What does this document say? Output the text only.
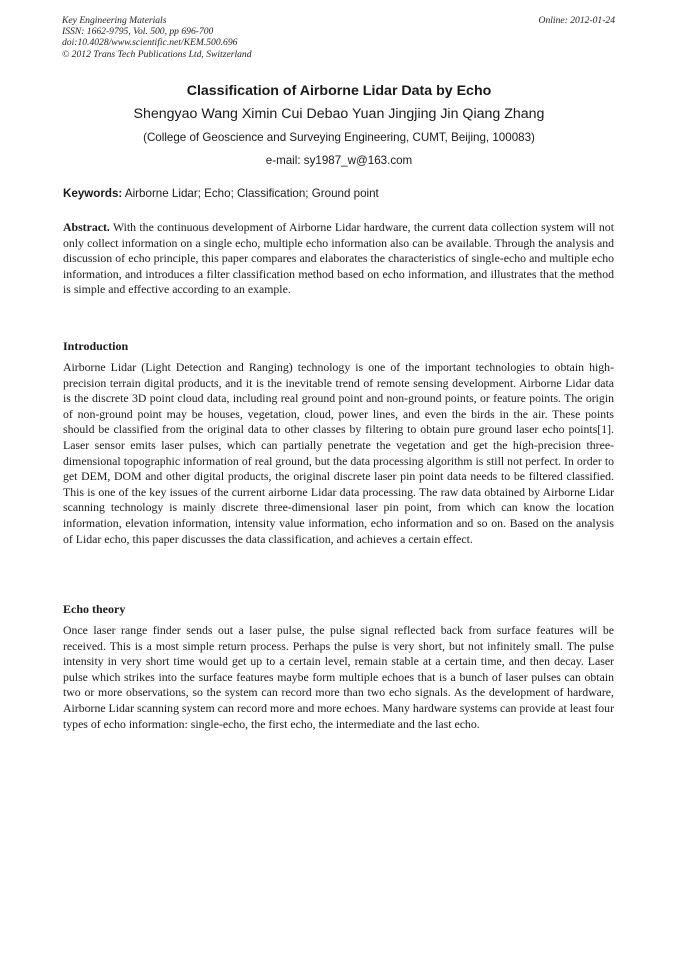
Key Engineering Materials
ISSN: 1662-9795, Vol. 500, pp 696-700
doi:10.4028/www.scientific.net/KEM.500.696
© 2012 Trans Tech Publications Ltd, Switzerland
Online: 2012-01-24
Classification of Airborne Lidar Data by Echo
Shengyao Wang Ximin Cui Debao Yuan Jingjing Jin Qiang Zhang
(College of Geoscience and Surveying Engineering, CUMT, Beijing, 100083)
e-mail: sy1987_w@163.com
Keywords: Airborne Lidar; Echo; Classification; Ground point

Abstract. With the continuous development of Airborne Lidar hardware, the current data collection system will not only collect information on a single echo, multiple echo information also can be available. Through the analysis and discussion of echo principle, this paper compares and elaborates the characteristics of single-echo and multiple echo information, and introduces a filter classification method based on echo information, and illustrates that the method is simple and effective according to an example.

Introduction

Airborne Lidar (Light Detection and Ranging) technology is one of the important technologies to obtain high-precision terrain digital products, and it is the inevitable trend of remote sensing development. Airborne Lidar data is the discrete 3D point cloud data, including real ground point and non-ground points, or feature points. The origin of non-ground point may be houses, vegetation, cloud, power lines, and even the birds in the air. These points should be classified from the original data to other classes by filtering to obtain pure ground laser echo points[1]. Laser sensor emits laser pulses, which can partially penetrate the vegetation and get the high-precision three-dimensional topographic information of real ground, but the data processing algorithm is still not perfect. In order to get DEM, DOM and other digital products, the original discrete laser pin point data needs to be filtered classified. This is one of the key issues of the current airborne Lidar data processing. The raw data obtained by Airborne Lidar scanning technology is mainly discrete three-dimensional laser pin point, from which can know the location information, elevation information, intensity value information, echo information and so on. Based on the analysis of Lidar echo, this paper discusses the data classification, and achieves a certain effect.

Echo theory

Once laser range finder sends out a laser pulse, the pulse signal reflected back from surface features will be received. This is a most simple return process. Perhaps the pulse is very short, but not infinitely small. The pulse intensity in very short time would get up to a certain level, remain stable at a certain time, and then decay. Laser pulse which strikes into the surface features maybe form multiple echoes that is a bunch of laser pulses can obtain two or more observations, so the system can record more than two echo signals. As the development of hardware, Airborne Lidar scanning system can record more and more echoes. Many hardware systems can provide at least four types of echo information: single-echo, the first echo, the intermediate and the last echo.
